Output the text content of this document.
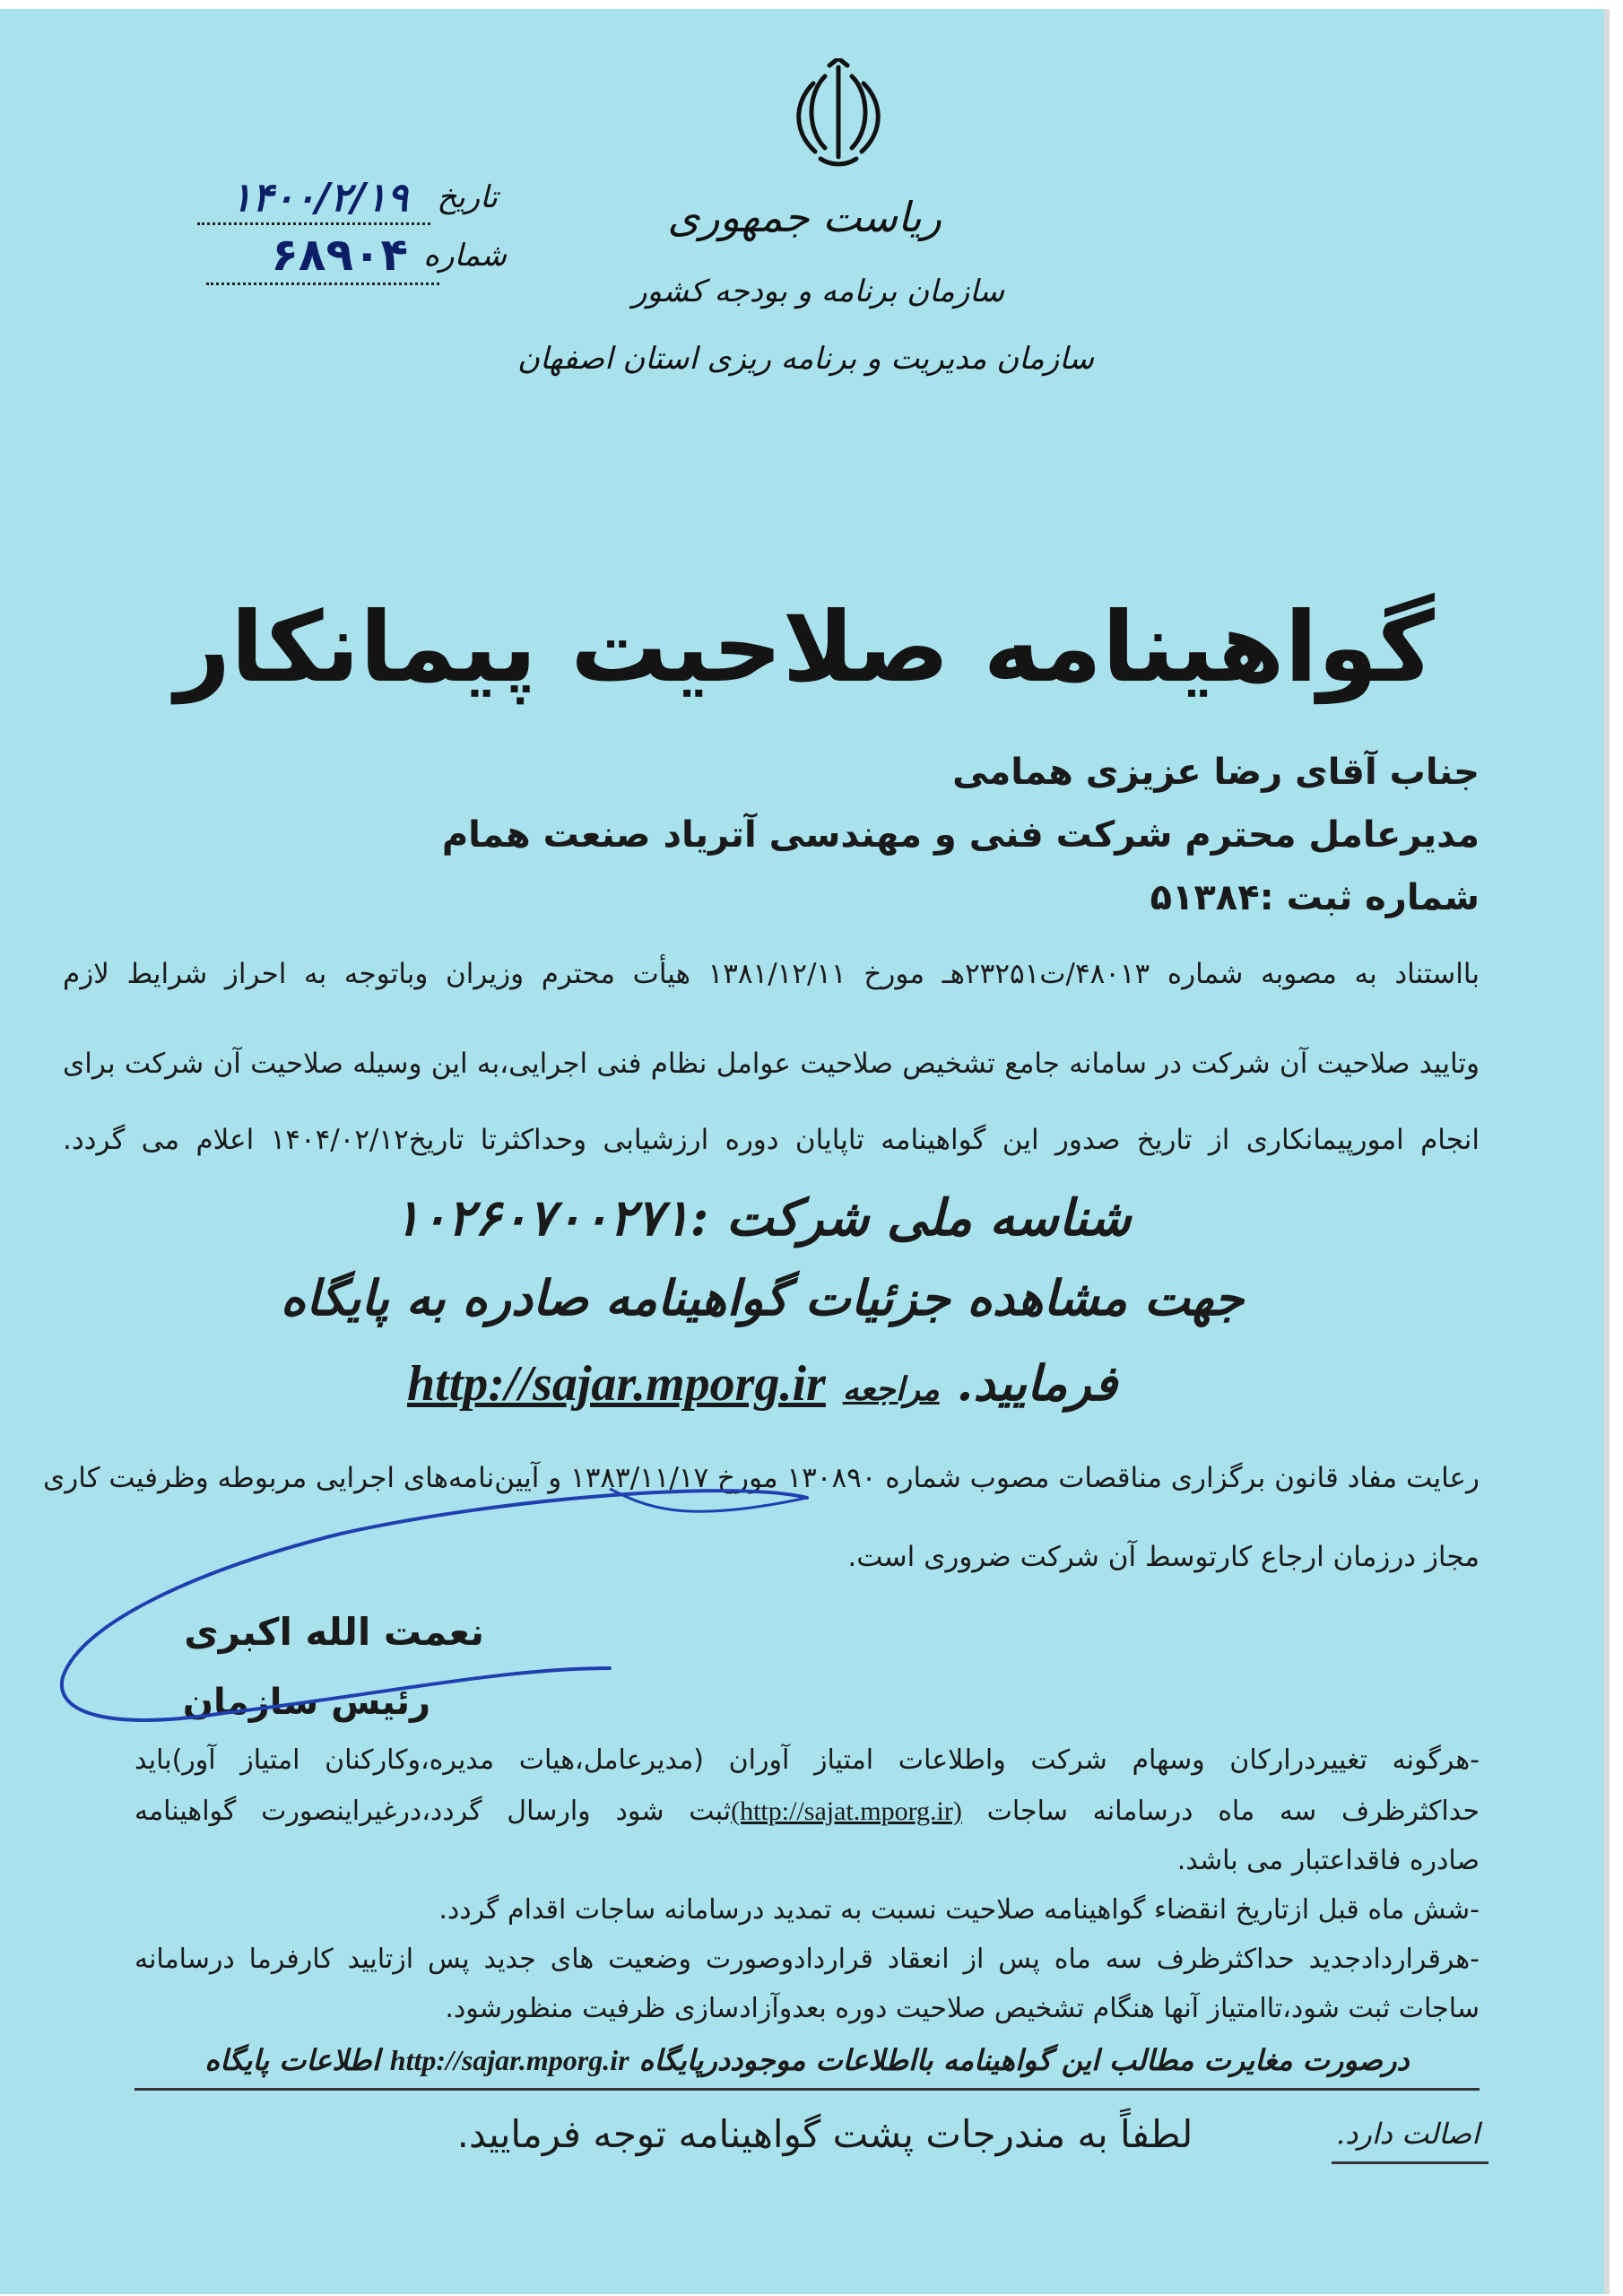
ریاست جمهوری
سازمان برنامه و بودجه کشور
سازمان مدیریت و برنامه ریزی استان اصفهان
۱۴۰۰/۲/۱۹ تاریخ
۶۸۹۰۴ شماره
گواهینامه صلاحیت پیمانکار
جناب آقای رضا عزیزی همامی
مدیرعامل محترم شرکت فنی و مهندسی آتریاد صنعت همام
شماره ثبت :۵۱۳۸۴
بااستناد به مصوبه شماره ۴۸۰۱۳/ت۲۳۲۵۱هـ مورخ ۱۳۸۱/۱۲/۱۱ هیأت محترم وزیران وباتوجه به احراز شرایط لازم
وتایید صلاحیت آن شرکت در سامانه جامع تشخیص صلاحیت عوامل نظام فنی اجرایی،به این وسیله صلاحیت آن شرکت برای
انجام امورپیمانکاری از تاریخ صدور این گواهینامه تاپایان دوره ارزشیابی وحداکثرتا تاریخ۱۴۰۴/۰۲/۱۲ اعلام می گردد.
شناسه ملی شرکت :۱۰۲۶۰۷۰۰۲۷۱
جهت مشاهده جزئیات گواهینامه صادره به پایگاه
فرمایید. مراجعه http://sajar.mporg.ir
رعایت مفاد قانون برگزاری مناقصات مصوب شماره ۱۳۰۸۹۰ مورخ ۱۳۸۳/۱۱/۱۷ و آیین‌نامه‌های اجرایی مربوطه وظرفیت کاری
مجاز درزمان ارجاع کارتوسط آن شرکت ضروری است.
نعمت الله اکبری
رئیس سازمان
-هرگونه تغییردرارکان وسهام شرکت واطلاعات امتیاز آوران (مدیرعامل،هیات مدیره،وکارکنان امتیاز آور)باید
حداکثرظرف سه ماه درسامانه ساجات (http://sajat.mporg.ir)ثبت شود وارسال گردد،درغیراینصورت گواهینامه
صادره فاقداعتبار می باشد.
-شش ماه قبل ازتاریخ انقضاء گواهینامه صلاحیت نسبت به تمدید درسامانه ساجات اقدام گردد.
-هرقراردادجدید حداکثرظرف سه ماه پس از انعقاد قراردادوصورت وضعیت های جدید پس ازتایید کارفرما درسامانه
ساجات ثبت شود،تاامتیاز آنها هنگام تشخیص صلاحیت دوره بعدوآزادسازی ظرفیت منظورشود.
درصورت مغایرت مطالب این گواهینامه بااطلاعات موجوددرپایگاه http://sajar.mporg.ir اطلاعات پایگاه
لطفاً به مندرجات پشت گواهینامه توجه فرمایید.	اصالت دارد.
